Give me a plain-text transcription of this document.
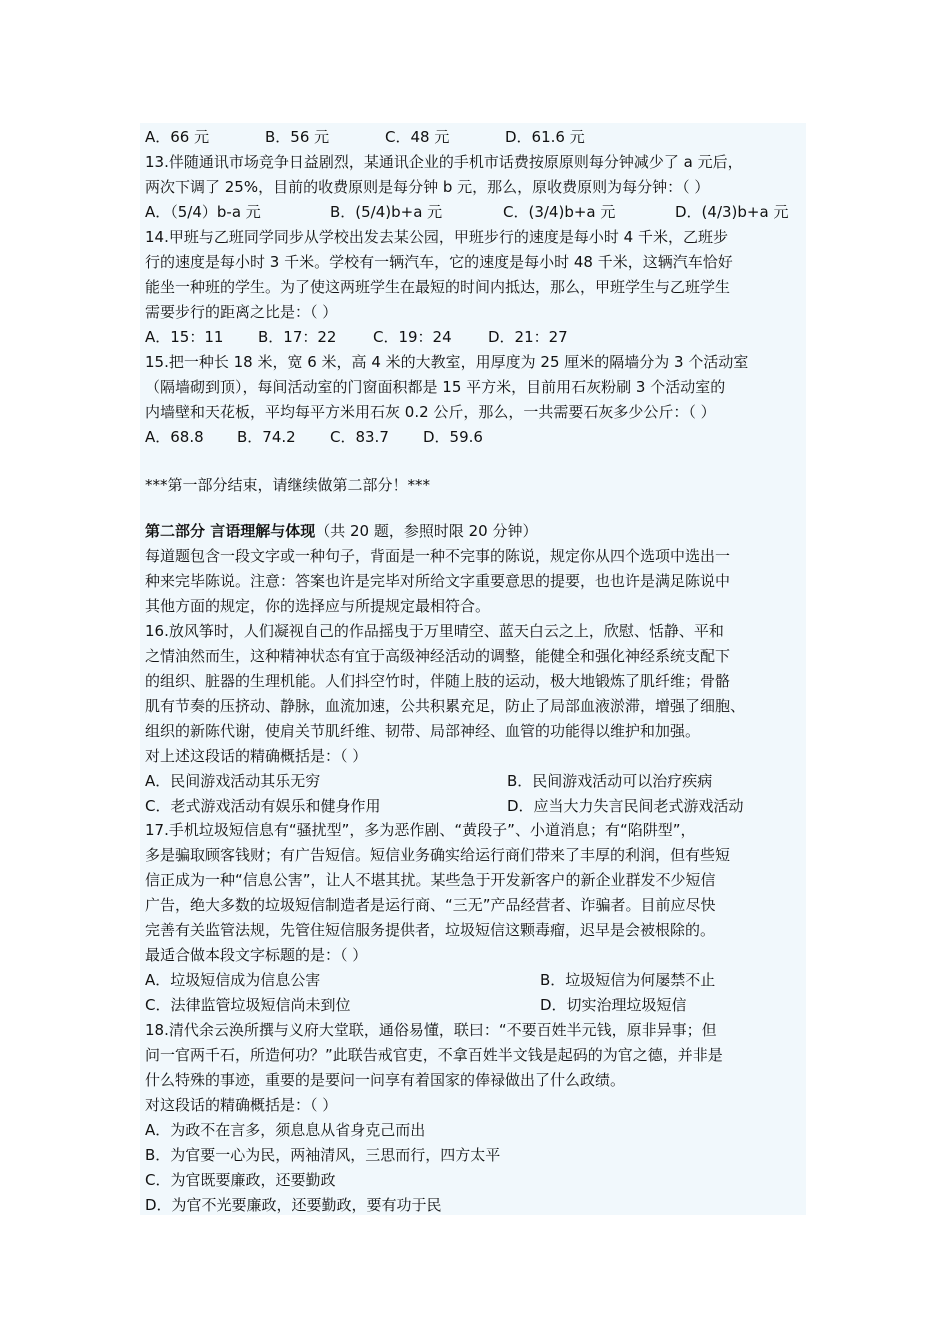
A．66 元	B．56 元	C．48 元	D．61.6 元
13.伴随通讯市场竞争日益剧烈，某通讯企业的手机市话费按原原则每分钟减少了 a 元后，
两次下调了 25%，目前的收费原则是每分钟 b 元，那么，原收费原则为每分钟：（ ）
A．（5/4）b-a 元	B．(5/4)b+a 元	C．(3/4)b+a 元	D．(4/3)b+a 元
14.甲班与乙班同学同步从学校出发去某公园，甲班步行的速度是每小时 4 千米，乙班步
行的速度是每小时 3 千米。学校有一辆汽车，它的速度是每小时 48 千米，这辆汽车恰好
能坐一种班的学生。为了使这两班学生在最短的时间内抵达，那么，甲班学生与乙班学生
需要步行的距离之比是：（ ）
A．15：11 B．17：22 C．19：24 D．21：27
15.把一种长 18 米，宽 6 米，高 4 米的大教室，用厚度为 25 厘米的隔墙分为 3 个活动室
（隔墙砌到顶），每间活动室的门窗面积都是 15 平方米，目前用石灰粉刷 3 个活动室的
内墙壁和天花板，平均每平方米用石灰 0.2 公斤，那么，一共需要石灰多少公斤：（ ）
A．68.8 B．74.2 C．83.7 D．59.6
***第一部分结束，请继续做第二部分！***
第二部分 言语理解与体现（共 20 题，参照时限 20 分钟）
每道题包含一段文字或一种句子，背面是一种不完事的陈说，规定你从四个选项中选出一
种来完毕陈说。注意：答案也许是完毕对所给文字重要意思的提要，也也许是满足陈说中
其他方面的规定，你的选择应与所提规定最相符合。
16.放风筝时，人们凝视自己的作品摇曳于万里晴空、蓝天白云之上，欣慰、恬静、平和
之情油然而生，这种精神状态有宜于高级神经活动的调整，能健全和强化神经系统支配下
的组织、脏器的生理机能。人们抖空竹时，伴随上肢的运动，极大地锻炼了肌纤维；骨骼
肌有节奏的压挤动、静脉，血流加速，公共积累充足，防止了局部血液淤滞，增强了细胞、
组织的新陈代谢，使肩关节肌纤维、韧带、局部神经、血管的功能得以维护和加强。
对上述这段话的精确概括是：（ ）
A．民间游戏活动其乐无穷	B．民间游戏活动可以治疗疾病
C．老式游戏活动有娱乐和健身作用	D．应当大力失言民间老式游戏活动
17.手机垃圾短信息有“骚扰型”，多为恶作剧、“黄段子”、小道消息；有“陷阱型”，
多是骗取顾客钱财；有广告短信。短信业务确实给运行商们带来了丰厚的利润，但有些短
信正成为一种“信息公害”，让人不堪其扰。某些急于开发新客户的新企业群发不少短信
广告，绝大多数的垃圾短信制造者是运行商、“三无”产品经营者、诈骗者。目前应尽快
完善有关监管法规，先管住短信服务提供者，垃圾短信这颗毒瘤，迟早是会被根除的。
最适合做本段文字标题的是：（ ）
A．垃圾短信成为信息公害	B．垃圾短信为何屡禁不止
C．法律监管垃圾短信尚未到位	D．切实治理垃圾短信
18.清代余云涣所撰与义府大堂联，通俗易懂，联曰：“不要百姓半元钱，原非异事；但
问一官两千石，所造何功？”此联告戒官吏，不拿百姓半文钱是起码的为官之德，并非是
什么特殊的事迹，重要的是要问一问享有着国家的俸禄做出了什么政绩。
对这段话的精确概括是：（ ）
A．为政不在言多，须息息从省身克己而出
B．为官要一心为民，两袖清风，三思而行，四方太平
C．为官既要廉政，还要勤政
D．为官不光要廉政，还要勤政，要有功于民
